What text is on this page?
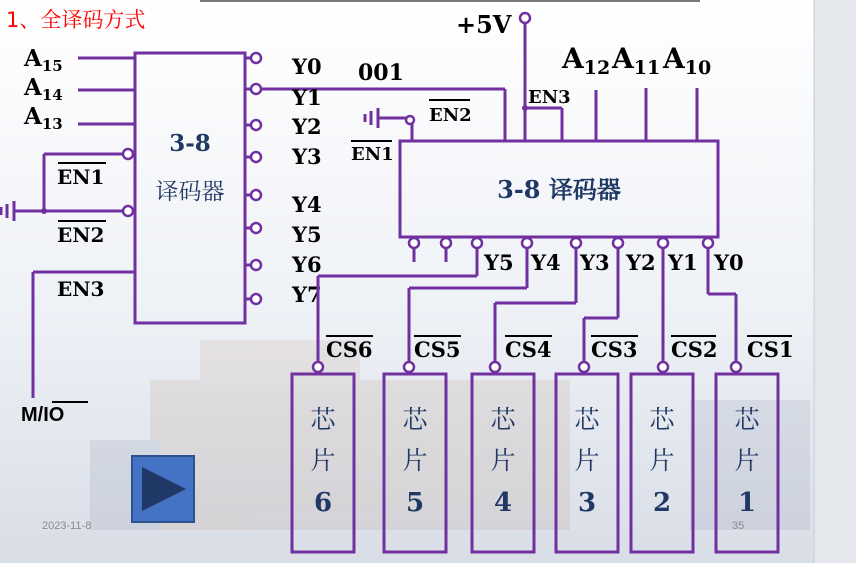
1、全译码方式
3-8
译码器
$A_{15}$
$A_{14}$
$A_{13}$
EN1
EN2
EN3
M/IO
Y0
Y1
Y2
Y3
Y4
Y5
Y6
Y7
001
+5V
EN3
EN2
EN1
$A_{12}$ $A_{11}$ $A_{10}$
3-8 译码器
Y5 Y4 Y3 Y2 Y1 Y0
CS6
芯
片
6
CS5
芯
片
5
CS4
芯
片
4
CS3
芯
片
3
CS2
芯
片
2
CS1
芯
片
1
2023-11-8	35
